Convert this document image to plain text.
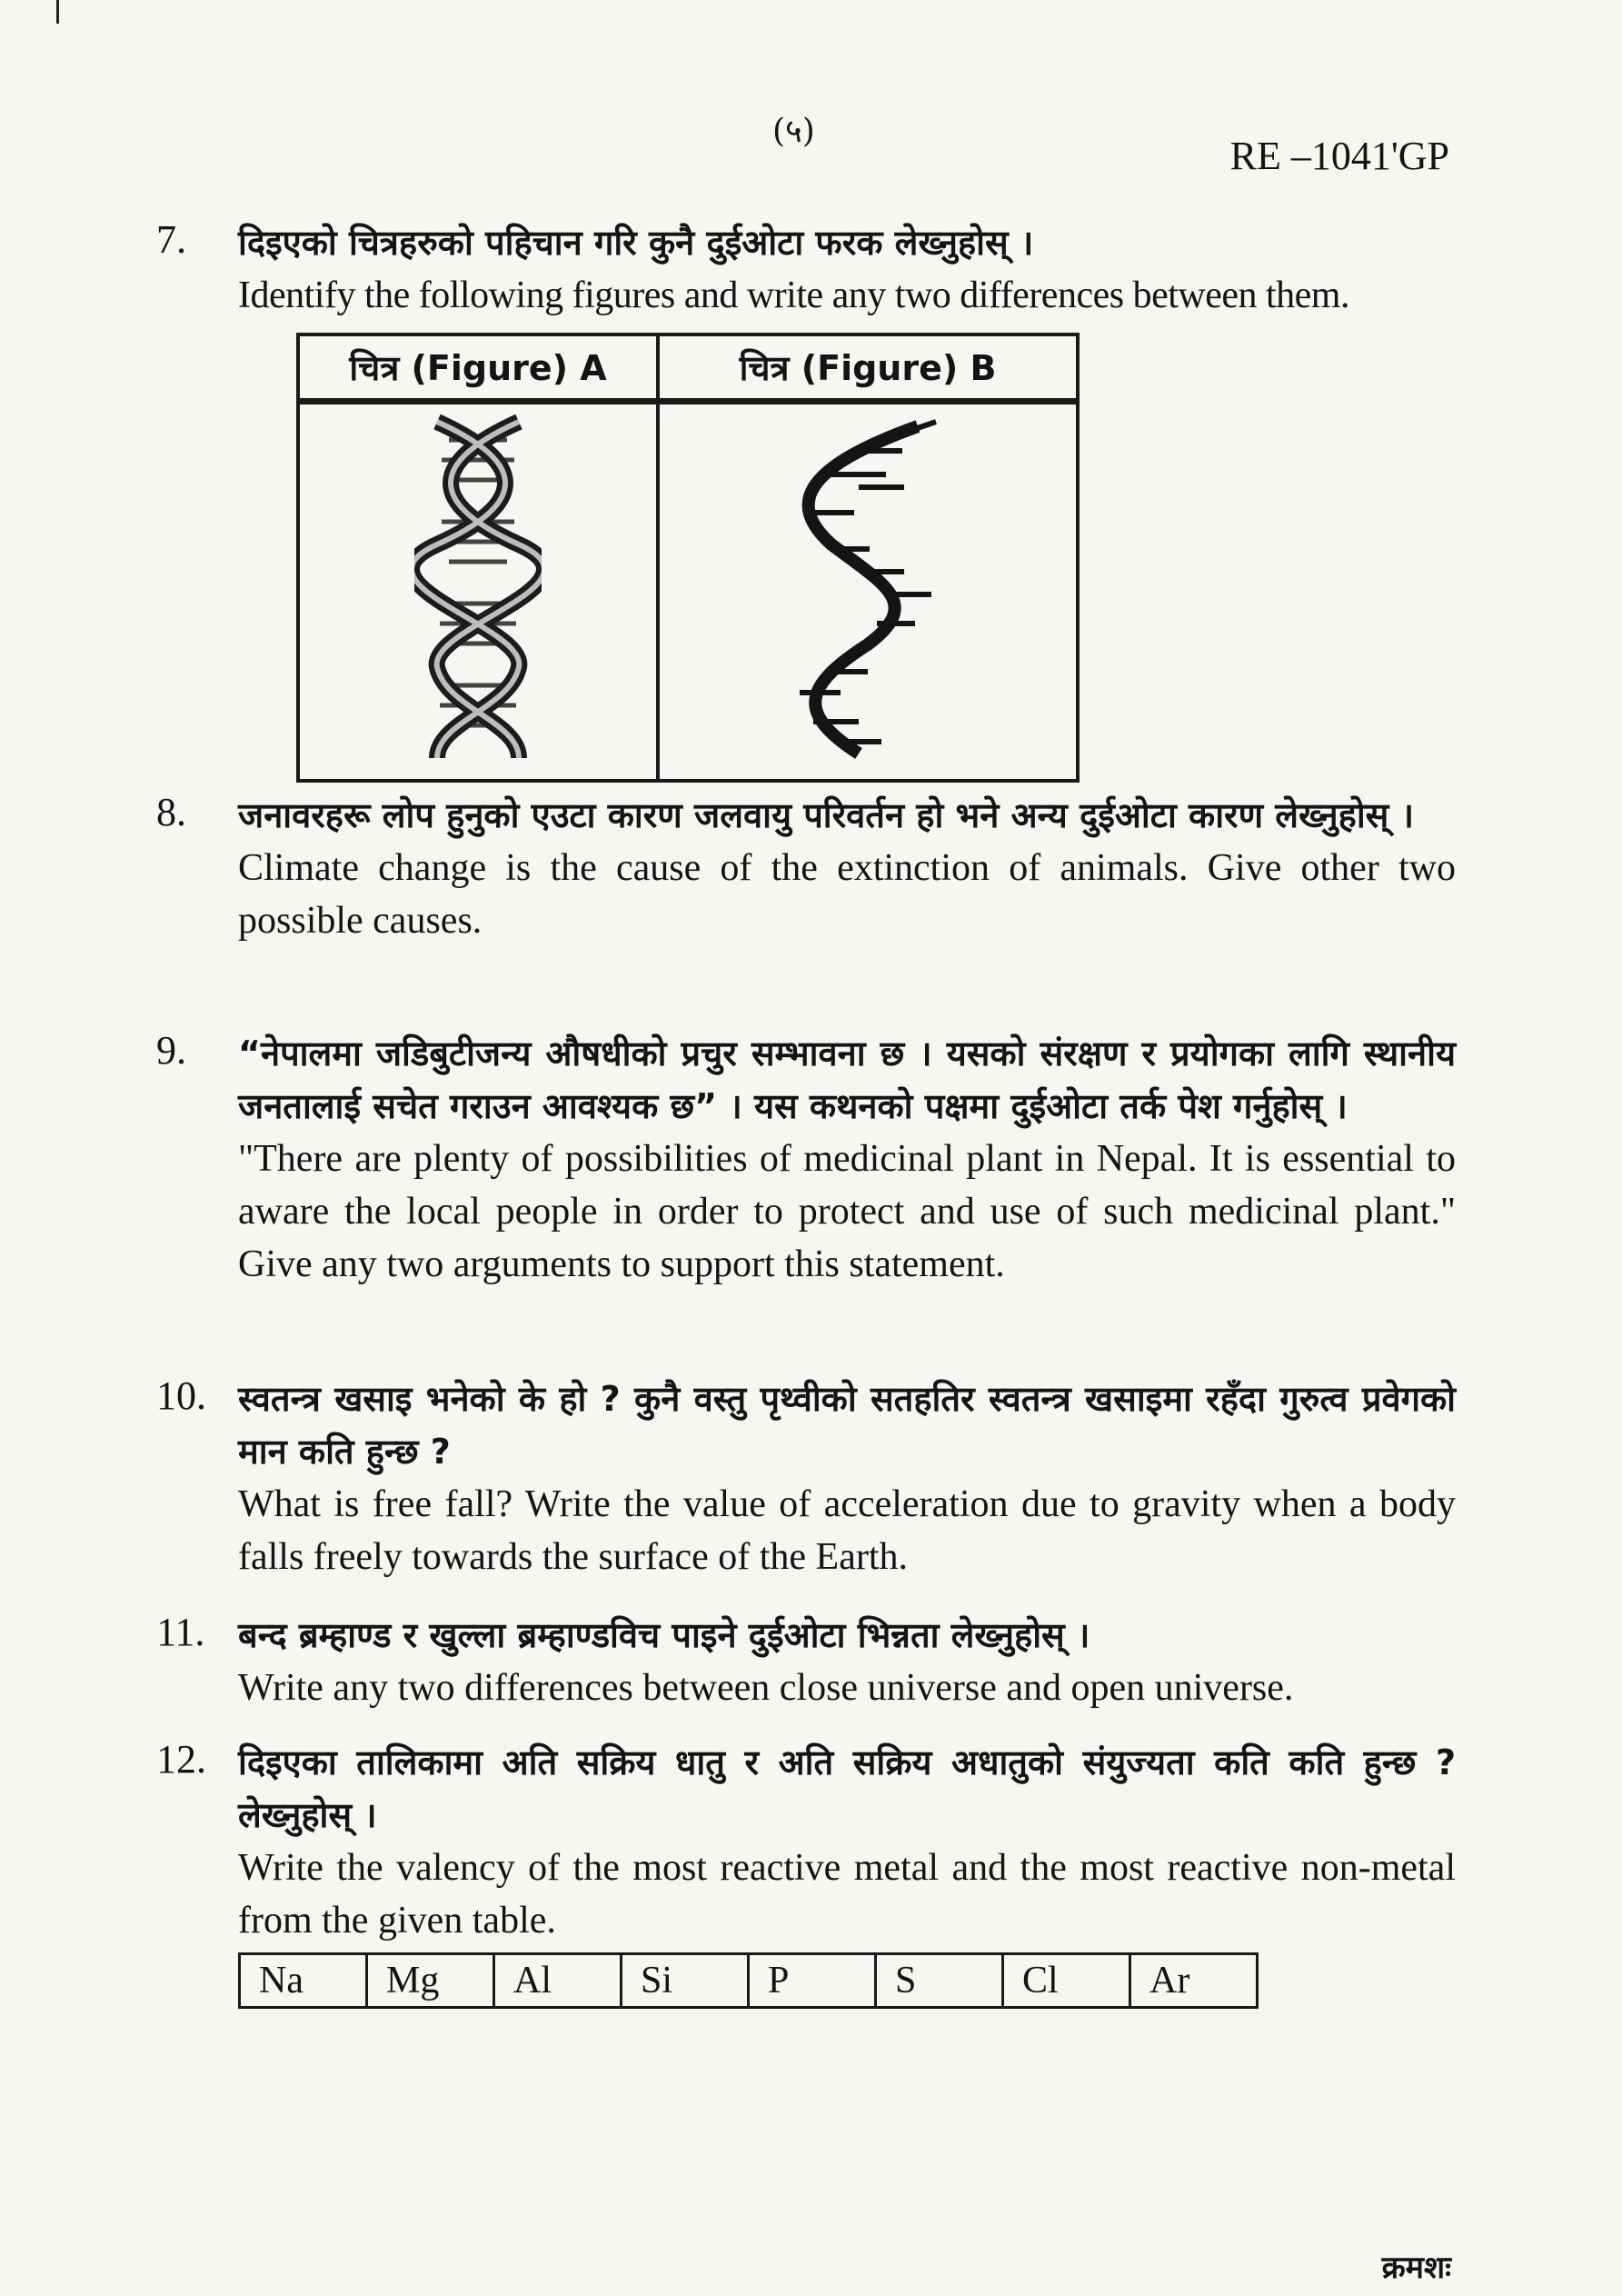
(५)
RE –1041'GP
7. दिइएको चित्रहरुको पहिचान गरि कुनै दुईओटा फरक लेख्नुहोस् ।
Identify the following figures and write any two differences between them.
चित्र (Figure) A	चित्र (Figure) B

8. जनावरहरू लोप हुनुको एउटा कारण जलवायु परिवर्तन हो भने अन्य दुईओटा कारण लेख्नुहोस् ।
Climate change is the cause of the extinction of animals. Give other two possible causes.
9. “नेपालमा जडिबुटीजन्य औषधीको प्रचुर सम्भावना छ । यसको संरक्षण र प्रयोगका लागि स्थानीय जनतालाई सचेत गराउन आवश्यक छ” । यस कथनको पक्षमा दुईओटा तर्क पेश गर्नुहोस् ।
"There are plenty of possibilities of medicinal plant in Nepal. It is essential to aware the local people in order to protect and use of such medicinal plant." Give any two arguments to support this statement.
10. स्वतन्त्र खसाइ भनेको के हो ? कुनै वस्तु पृथ्वीको सतहतिर स्वतन्त्र खसाइमा रहँदा गुरुत्व प्रवेगको मान कति हुन्छ ?
What is free fall? Write the value of acceleration due to gravity when a body falls freely towards the surface of the Earth.
11. बन्द ब्रम्हाण्ड र खुल्ला ब्रम्हाण्डविच पाइने दुईओटा भिन्नता लेख्नुहोस् ।
Write any two differences between close universe and open universe.
12. दिइएका तालिकामा अति सक्रिय धातु र अति सक्रिय अधातुको संयुज्यता कति कति हुन्छ ? लेख्नुहोस् ।
Write the valency of the most reactive metal and the most reactive non-metal from the given table.
Na	Mg	Al	Si	P	S	Cl	Ar
क्रमशः
